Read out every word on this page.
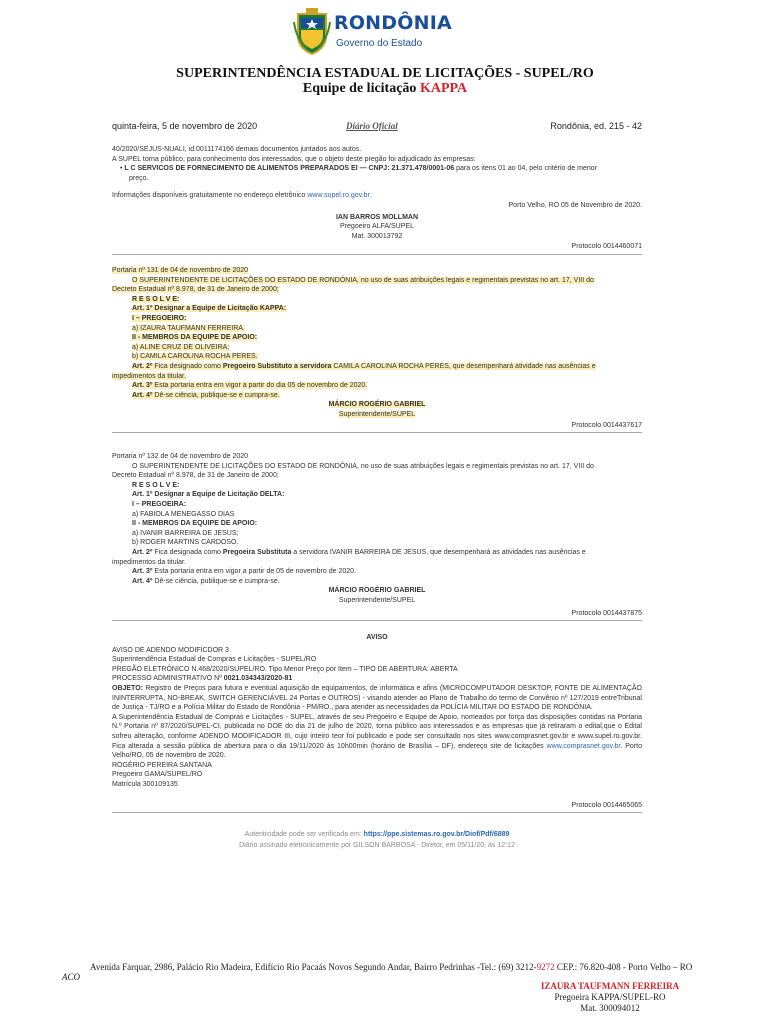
RONDÔNIA
Governo do Estado
SUPERINTENDÊNCIA ESTADUAL DE LICITAÇÕES - SUPEL/RO
Equipe de licitação KAPPA
quinta-feira, 5 de novembro de 2020	Diário Oficial	Rondônia, ed. 215 - 42

40/2020/SEJUS-NUALI, id.0011174166 demais documentos juntados aos autos.

A SUPEL torna público, para conhecimento dos interessados, que o objeto deste pregão foi adjudicado às empresas:

• L C SERVICOS DE FORNECIMENTO DE ALIMENTOS PREPARADOS EI — CNPJ: 21.371.478/0001-06 para os itens 01 ao 04, pelo critério de menor

preço.

Informações disponíveis gratuitamente no endereço eletrônico www.supel.ro.gov.br.

Porto Velho, RO 05 de Novembro de 2020.

IAN BARROS MOLLMAN

Pregoeiro ALFA/SUPEL

Mat. 300013792

Protocolo 0014460071

Portaria nº 131 de 04 de novembro de 2020

O SUPERINTENDENTE DE LICITAÇÕES DO ESTADO DE RONDÔNIA, no uso de suas atribuições legais e regimentais previstas no art. 17, VIII do

Decreto Estadual nº 8.978, de 31 de Janeiro de 2000;

R E S O L V E:

Art. 1º Designar a Equipe de Licitação KAPPA:

I – PREGOEIRO:

a) IZAURA TAUFMANN FERREIRA.

II - MEMBROS DA EQUIPE DE APOIO:

a) ALINE CRUZ DE OLIVEIRA;

b) CAMILA CAROLINA ROCHA PERES.

Art. 2º Fica designado como Pregoeiro Substituto a servidora CAMILA CAROLINA ROCHA PERES, que desempenhará atividade nas ausências e

impedimentos da titular.

Art. 3º Esta portaria entra em vigor a partir do dia 05 de novembro de 2020.

Art. 4º Dê-se ciência, publique-se e cumpra-se.

MÁRCIO ROGÉRIO GABRIEL

Superintendente/SUPEL

Protocolo 0014437617

Portaria nº 132 de 04 de novembro de 2020

O SUPERINTENDENTE DE LICITAÇÕES DO ESTADO DE RONDÔNIA, no uso de suas atribuições legais e regimentais previstas no art. 17, VIII do

Decreto Estadual nº 8.978, de 31 de Janeiro de 2000;

R E S O L V E:

Art. 1º Designar a Equipe de Licitação DELTA:

I – PREGOEIRA:

a) FABIOLA MENEGASSO DIAS

II - MEMBROS DA EQUIPE DE APOIO:

a) IVANIR BARREIRA DE JESUS;

b) ROGER MARTINS CARDOSO.

Art. 2º Fica designada como Pregoeira Substituta a servidora IVANIR BARREIRA DE JESUS, que desempenhará as atividades nas ausências e

impedimentos da titular.

Art. 3º Esta portaria entra em vigor a partir de 05 de novembro de 2020.

Art. 4º Dê-se ciência, publique-se e cumpra-se.

MÁRCIO ROGÉRIO GABRIEL

Superintendente/SUPEL

Protocolo 0014437875

AVISO

AVISO DE ADENDO MODIFICDOR 3

Superintendência Estadual de Compras e Licitações - SUPEL/RO

PREGÃO ELETRÔNICO N.468/2020/SUPEL/RO. Tipo Menor Preço por Item – TIPO DE ABERTURA: ABERTA

PROCESSO ADMINISTRATIVO Nº 0021.034343/2020-81

OBJETO: Registro de Preços para futura e eventual aquisição de equipamentos, de informática e afins (MICROCOMPUTADOR DESKTOP, FONTE DE ALIMENTAÇÃO ININTERRUPTA, NO-BREAK, SWITCH GERENCIÁVEL 24 Portas e OUTROS) - visando atender ao Plano de Trabalho do termo de Convênio nº 127/2019 entreTribunal de Justiça - TJ/RO e a Polícia Militar do Estado de Rondônia - PM/RO., para atender as necessidades da POLÍCIA MILITAR DO ESTADO DE RONDÔNIA.

A Superintendência Estadual de Compras e Licitações - SUPEL, através de seu Pregoeiro e Equipe de Apoio, nomeados por força das disposições contidas na Portaria N.º Portaria nº 87/2020/SUPEL-CI, publicada no DOE do dia 21 de julho de 2020, torna público aos interessados e as empresas que já retiraram o edital,que o Edital sofreu alteração, conforme ADENDO MODIFICADOR III, cujo inteiro teor foi publicado e pode ser consultado nos sites www.comprasnet.gov.br e www.supel.ro.gov.br. Fica alterada a sessão pública de abertura para o dia 19/11/2020 às 10h00min (horário de Brasília – DF), endereço site de licitações www.comprasnet.gov.br. Porto Velho/RO, 05 de novembro de 2020.

ROGÉRIO PEREIRA SANTANA

Pregoeiro GAMA/SUPEL/RO

Matrícula 300109135

Protocolo 0014465065

Autenticidade pode ser verificada em: https://ppe.sistemas.ro.gov.br/Diof/Pdf/6889
Diário assinado eletronicamente por GILSON BARBOSA - Diretor, em 05/11/20, às 12:12
Avenida Farquar, 2986, Palácio Rio Madeira, Edifício Rio Pacaás Novos Segundo Andar, Bairro Pedrinhas -Tel.: (69) 3212-9272 CEP.: 76.820-408 - Porto Velho – RO
ACO
IZAURA TAUFMANN FERREIRA
Pregoeira KAPPA/SUPEL-RO
Mat. 300094012
